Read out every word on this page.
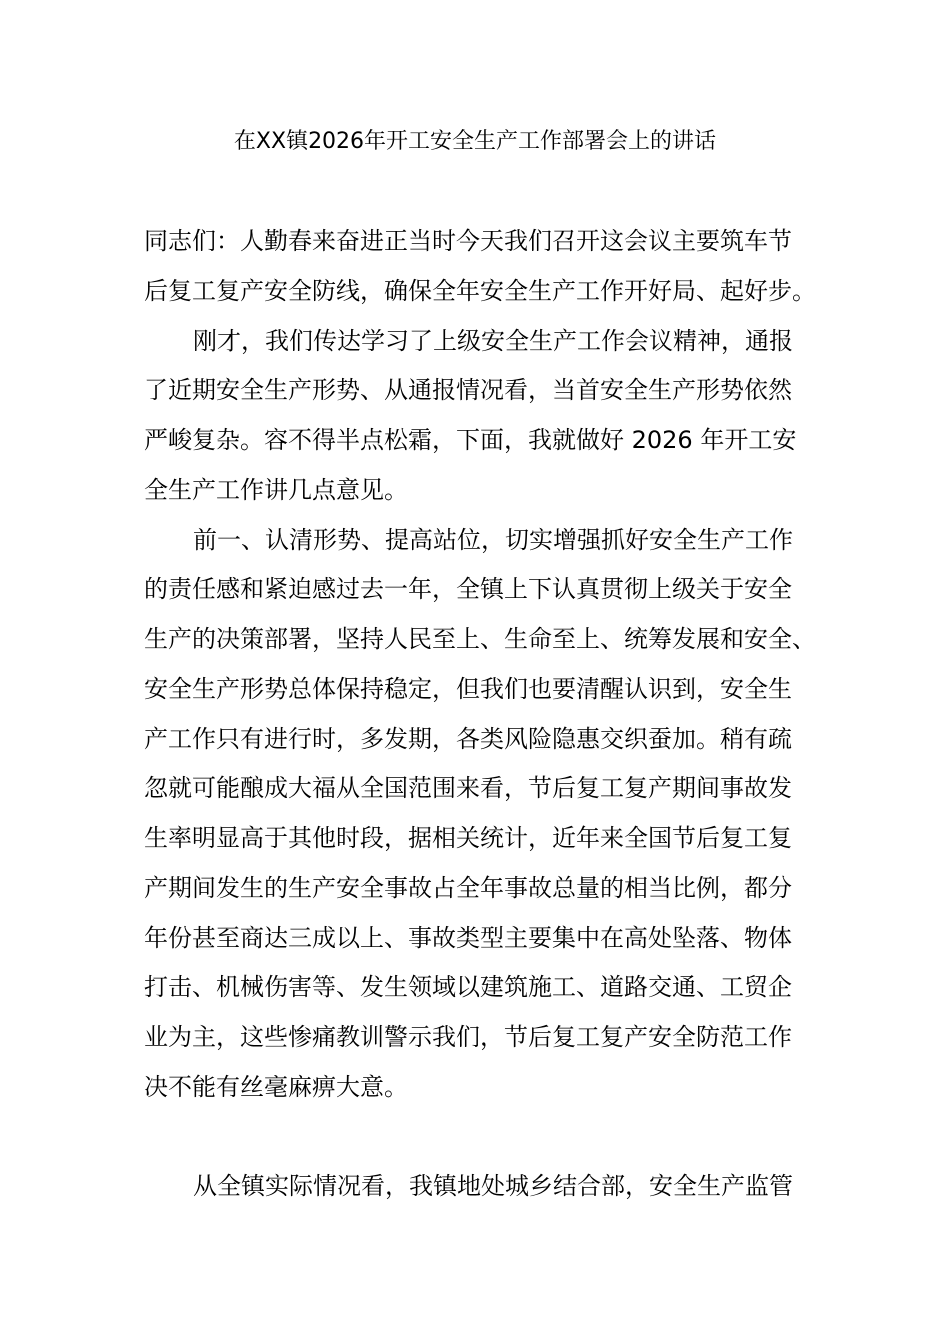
在XX镇2026年开工安全生产工作部署会上的讲话
同志们：人勤春来奋进正当时今天我们召开这会议主要筑车节
后复工复产安全防线，确保全年安全生产工作开好局、起好步。
刚才，我们传达学习了上级安全生产工作会议精神，通报
了近期安全生产形势、从通报情况看，当首安全生产形势依然
严峻复杂。容不得半点松霜，下面，我就做好 2026 年开工安
全生产工作讲几点意见。
前一、认清形势、提高站位，切实增强抓好安全生产工作
的责任感和紧迫感过去一年，全镇上下认真贯彻上级关于安全
生产的决策部署，坚持人民至上、生命至上、统筹发展和安全、
安全生产形势总体保持稳定，但我们也要清醒认识到，安全生
产工作只有进行时，多发期，各类风险隐惠交织蚕加。稍有疏
忽就可能酿成大福从全国范围来看，节后复工复产期间事故发
生率明显高于其他时段，据相关统计，近年来全国节后复工复
产期间发生的生产安全事故占全年事故总量的相当比例，都分
年份甚至商达三成以上、事故类型主要集中在高处坠落、物体
打击、机械伤害等、发生领域以建筑施工、道路交通、工贸企
业为主，这些惨痛教训警示我们，节后复工复产安全防范工作
决不能有丝毫麻痹大意。
从全镇实际情况看，我镇地处城乡结合部，安全生产监管
